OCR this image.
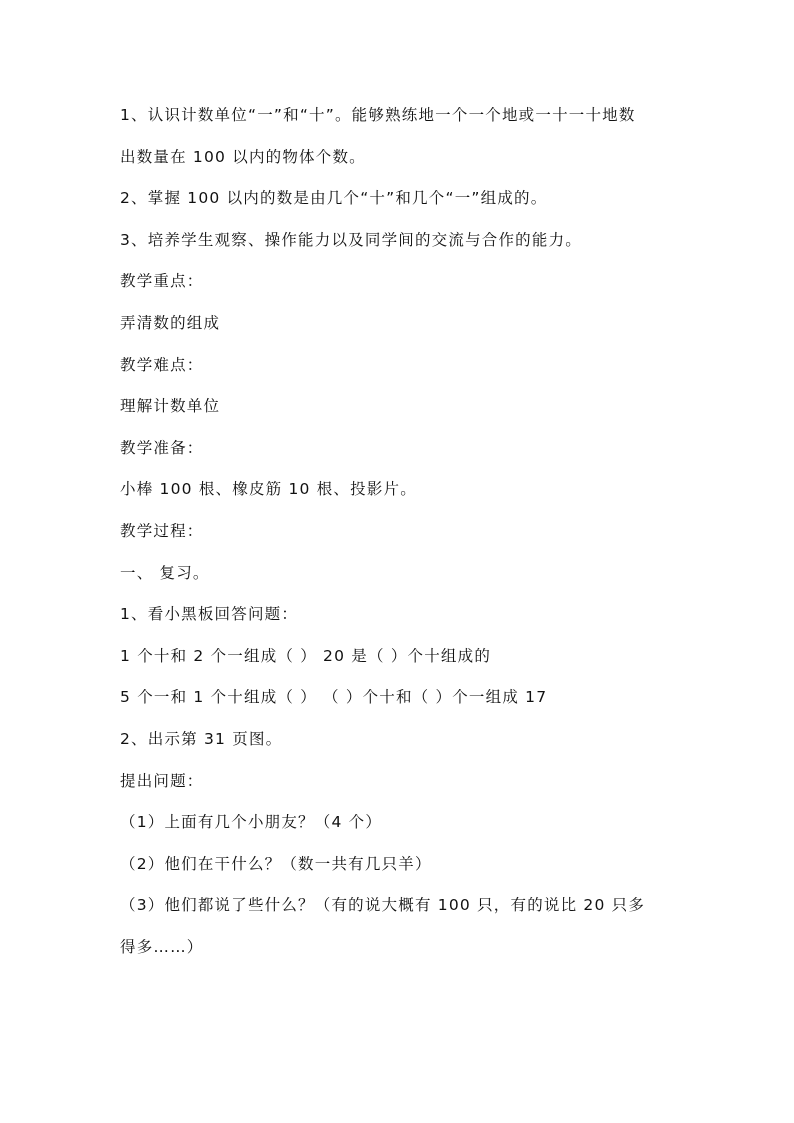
1、认识计数单位“一”和“十”。能够熟练地一个一个地或一十一十地数
出数量在 100 以内的物体个数。
2、掌握 100 以内的数是由几个“十”和几个“一”组成的。
3、培养学生观察、操作能力以及同学间的交流与合作的能力。
教学重点：
弄清数的组成
教学难点：
理解计数单位
教学准备：
小棒 100 根、橡皮筋 10 根、投影片。
教学过程：
一、 复习。
1、看小黑板回答问题：
1 个十和 2 个一组成（ ） 20 是（ ）个十组成的
5 个一和 1 个十组成（ ） （ ）个十和（ ）个一组成 17
2、出示第 31 页图。
提出问题：
（1）上面有几个小朋友？（4 个）
（2）他们在干什么？（数一共有几只羊）
（3）他们都说了些什么？（有的说大概有 100 只，有的说比 20 只多
得多……）
